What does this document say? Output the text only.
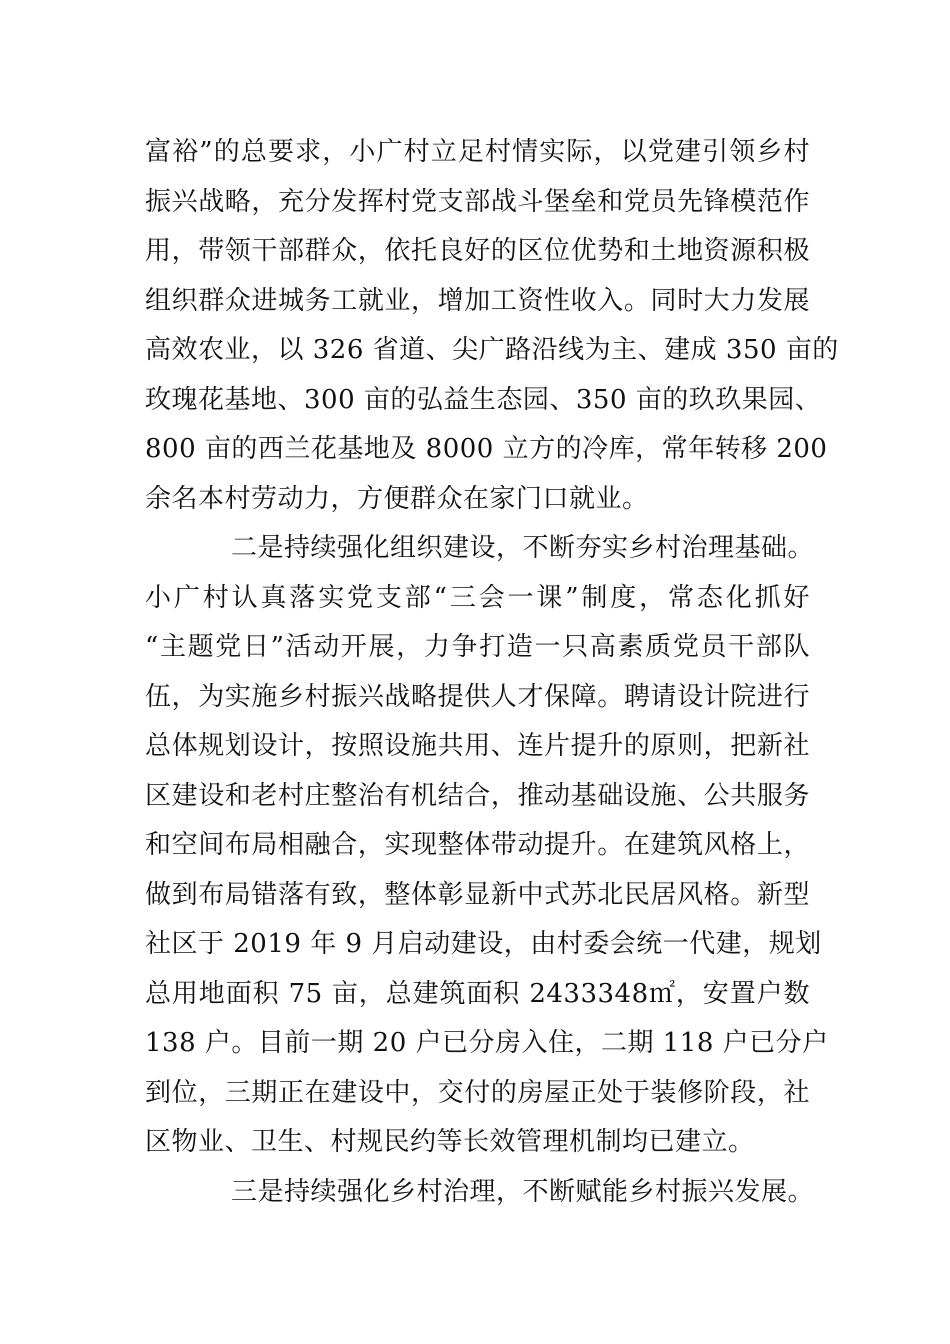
富裕”的总要求，小广村立足村情实际，以党建引领乡村
振兴战略，充分发挥村党支部战斗堡垒和党员先锋模范作
用，带领干部群众，依托良好的区位优势和土地资源积极
组织群众进城务工就业，增加工资性收入。同时大力发展
高效农业，以 326 省道、尖广路沿线为主、建成 350 亩的
玫瑰花基地、300 亩的弘益生态园、350 亩的玖玖果园、
800 亩的西兰花基地及 8000 立方的冷库，常年转移 200
余名本村劳动力，方便群众在家门口就业。
二是持续强化组织建设，不断夯实乡村治理基础。
小广村认真落实党支部“三会一课”制度，常态化抓好
“主题党日”活动开展，力争打造一只高素质党员干部队
伍，为实施乡村振兴战略提供人才保障。聘请设计院进行
总体规划设计，按照设施共用、连片提升的原则，把新社
区建设和老村庄整治有机结合，推动基础设施、公共服务
和空间布局相融合，实现整体带动提升。在建筑风格上，
做到布局错落有致，整体彰显新中式苏北民居风格。新型
社区于 2019 年 9 月启动建设，由村委会统一代建，规划
总用地面积 75 亩，总建筑面积 2433348㎡，安置户数
138 户。目前一期 20 户已分房入住，二期 118 户已分户
到位，三期正在建设中，交付的房屋正处于装修阶段，社
区物业、卫生、村规民约等长效管理机制均已建立。
三是持续强化乡村治理，不断赋能乡村振兴发展。
